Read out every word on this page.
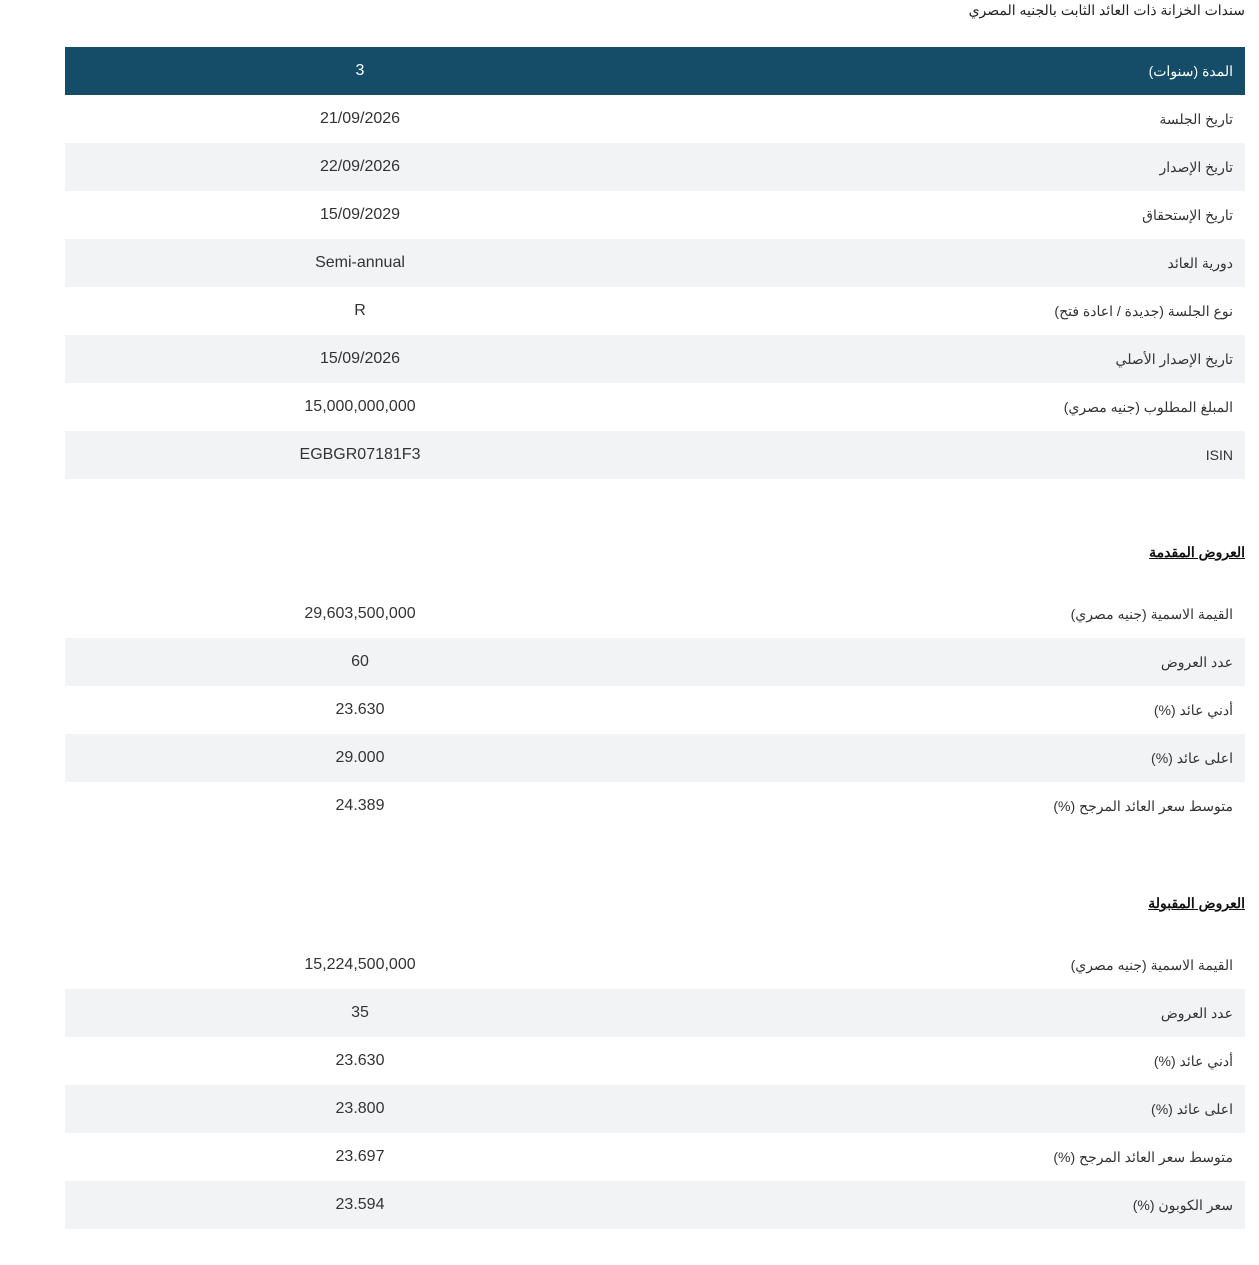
سندات الخزانة ذات العائد الثابت بالجنيه المصري
3	المدة (سنوات)
21/09/2026	تاريخ الجلسة
22/09/2026	تاريخ الإصدار
15/09/2029	تاريخ الإستحقاق
Semi-annual	دورية العائد
R	نوع الجلسة (جديدة / اعادة فتح)
15/09/2026	تاريخ الإصدار الأصلي
15,000,000,000	المبلغ المطلوب (جنيه مصري)
EGBGR07181F3	ISIN
العروض المقدمة
29,603,500,000	القيمة الاسمية (جنيه مصري)
60	عدد العروض
23.630	أدني عائد (%)
29.000	اعلى عائد (%)
24.389	متوسط سعر العائد المرجح (%)
العروض المقبولة
15,224,500,000	القيمة الاسمية (جنيه مصري)
35	عدد العروض
23.630	أدني عائد (%)
23.800	اعلى عائد (%)
23.697	متوسط سعر العائد المرجح (%)
23.594	سعر الكوبون (%)
